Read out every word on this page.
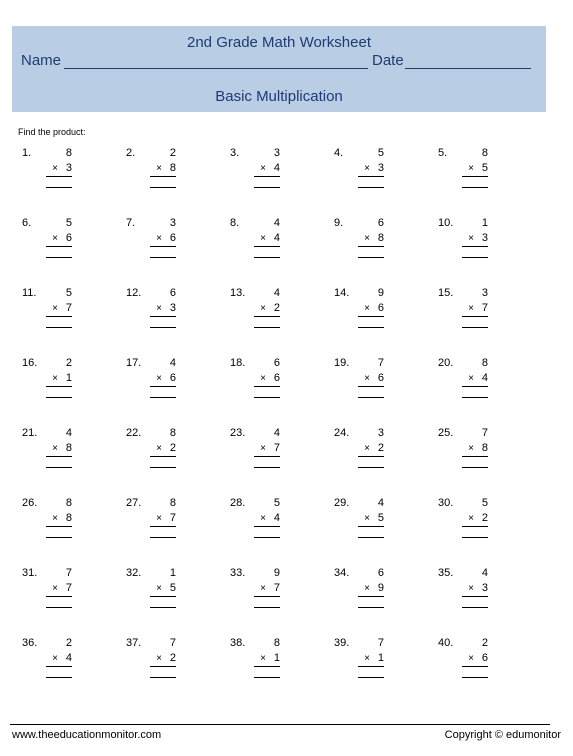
2nd Grade Math Worksheet
Name	Date
Basic Multiplication
Find the product:
1.	8
× 3
2.	2
× 8
3.	3
× 4
4.	5
× 3
5.	8
× 5
6.	5
× 6
7.	3
× 6
8.	4
× 4
9.	6
× 8
10.	1
× 3
11.	5
× 7
12.	6
× 3
13.	4
× 2
14.	9
× 6
15.	3
× 7
16.	2
× 1
17.	4
× 6
18.	6
× 6
19.	7
× 6
20.	8
× 4
21.	4
× 8
22.	8
× 2
23.	4
× 7
24.	3
× 2
25.	7
× 8
26.	8
× 8
27.	8
× 7
28.	5
× 4
29.	4
× 5
30.	5
× 2
31.	7
× 7
32.	1
× 5
33.	9
× 7
34.	6
× 9
35.	4
× 3
36.	2
× 4
37.	7
× 2
38.	8
× 1
39.	7
× 1
40.	2
× 6
www.theeducationmonitor.com	Copyright © edumonitor
